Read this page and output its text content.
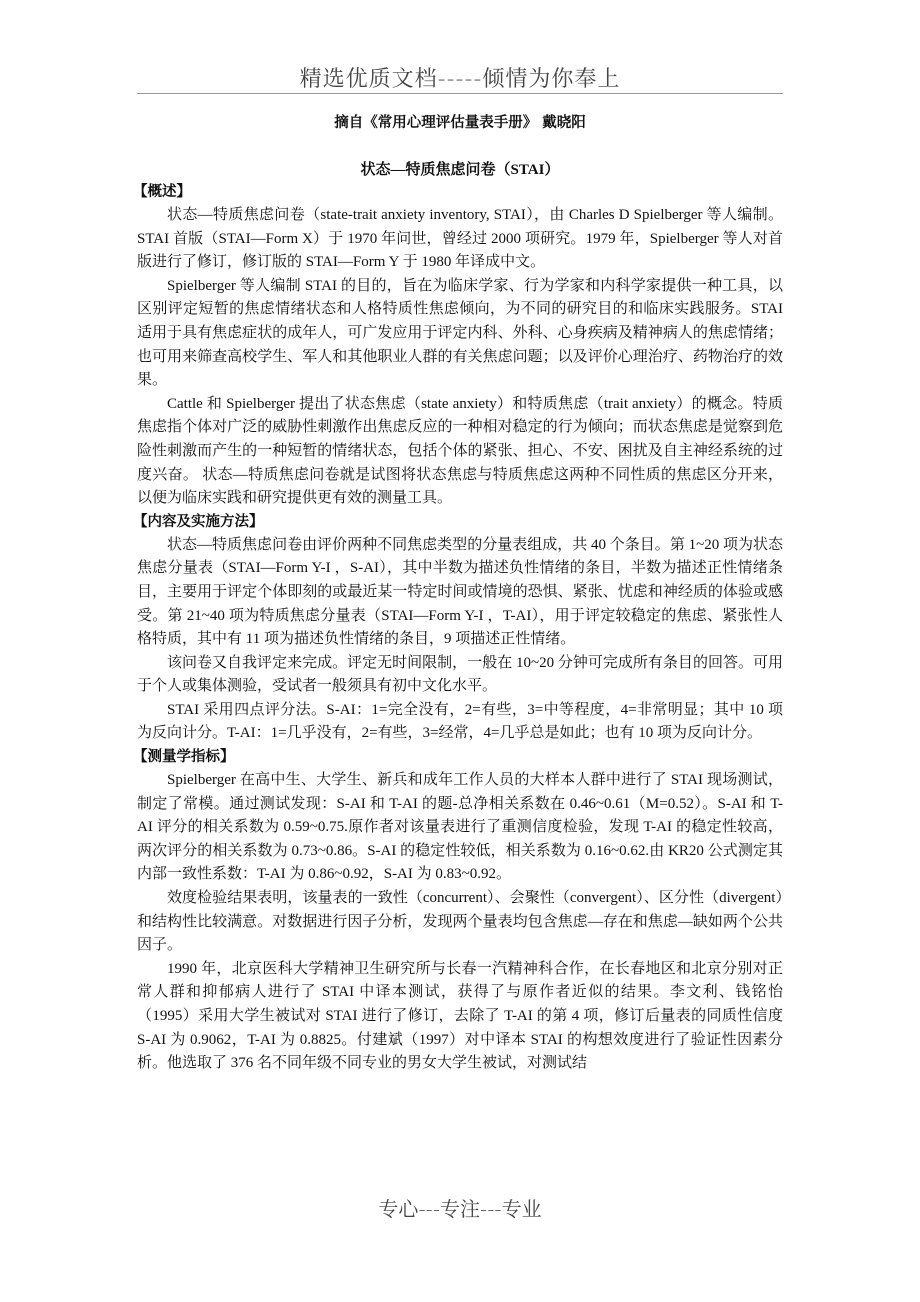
精选优质文档-----倾情为你奉上
摘自《常用心理评估量表手册》 戴晓阳
状态—特质焦虑问卷（STAI）
【概述】

状态—特质焦虑问卷（state-trait anxiety inventory, STAI），由 Charles D Spielberger 等人编制。STAI 首版（STAI—Form X）于 1970 年问世，曾经过 2000 项研究。1979 年，Spielberger 等人对首版进行了修订，修订版的 STAI—Form Y 于 1980 年译成中文。

Spielberger 等人编制 STAI 的目的，旨在为临床学家、行为学家和内科学家提供一种工具，以区别评定短暂的焦虑情绪状态和人格特质性焦虑倾向，为不同的研究目的和临床实践服务。STAI 适用于具有焦虑症状的成年人，可广发应用于评定内科、外科、心身疾病及精神病人的焦虑情绪；也可用来筛查高校学生、军人和其他职业人群的有关焦虑问题；以及评价心理治疗、药物治疗的效果。

Cattle 和 Spielberger 提出了状态焦虑（state anxiety）和特质焦虑（trait anxiety）的概念。特质焦虑指个体对广泛的威胁性刺激作出焦虑反应的一种相对稳定的行为倾向；而状态焦虑是觉察到危险性刺激而产生的一种短暂的情绪状态，包括个体的紧张、担心、不安、困扰及自主神经系统的过度兴奋。 状态—特质焦虑问卷就是试图将状态焦虑与特质焦虑这两种不同性质的焦虑区分开来，以便为临床实践和研究提供更有效的测量工具。

【内容及实施方法】

状态—特质焦虑问卷由评价两种不同焦虑类型的分量表组成，共 40 个条目。第 1~20 项为状态焦虑分量表（STAI—Form Y-I ，S-AI），其中半数为描述负性情绪的条目，半数为描述正性情绪条目，主要用于评定个体即刻的或最近某一特定时间或情境的恐惧、紧张、忧虑和神经质的体验或感受。第 21~40 项为特质焦虑分量表（STAI—Form Y-I ，T-AI），用于评定较稳定的焦虑、紧张性人格特质，其中有 11 项为描述负性情绪的条目，9 项描述正性情绪。

该问卷又自我评定来完成。评定无时间限制，一般在 10~20 分钟可完成所有条目的回答。可用于个人或集体测验，受试者一般须具有初中文化水平。

STAI 采用四点评分法。S-AI：1=完全没有，2=有些，3=中等程度，4=非常明显；其中 10 项为反向计分。T-AI：1=几乎没有，2=有些，3=经常，4=几乎总是如此；也有 10 项为反向计分。

【测量学指标】

Spielberger 在高中生、大学生、新兵和成年工作人员的大样本人群中进行了 STAI 现场测试，制定了常模。通过测试发现：S-AI 和 T-AI 的题-总净相关系数在 0.46~0.61（M=0.52）。S-AI 和 T-AI 评分的相关系数为 0.59~0.75.原作者对该量表进行了重测信度检验，发现 T-AI 的稳定性较高，两次评分的相关系数为 0.73~0.86。S-AI 的稳定性较低，相关系数为 0.16~0.62.由 KR20 公式测定其内部一致性系数：T-AI 为 0.86~0.92，S-AI 为 0.83~0.92。

效度检验结果表明，该量表的一致性（concurrent）、会聚性（convergent）、区分性（divergent）和结构性比较满意。对数据进行因子分析，发现两个量表均包含焦虑—存在和焦虑—缺如两个公共因子。

1990 年，北京医科大学精神卫生研究所与长春一汽精神科合作，在长春地区和北京分别对正常人群和抑郁病人进行了 STAI 中译本测试，获得了与原作者近似的结果。李文利、钱铭怡（1995）采用大学生被试对 STAI 进行了修订，去除了 T-AI 的第 4 项，修订后量表的同质性信度 S-AI 为 0.9062，T-AI 为 0.8825。付建斌（1997）对中译本 STAI 的构想效度进行了验证性因素分析。他选取了 376 名不同年级不同专业的男女大学生被试，对测试结

专心---专注---专业
